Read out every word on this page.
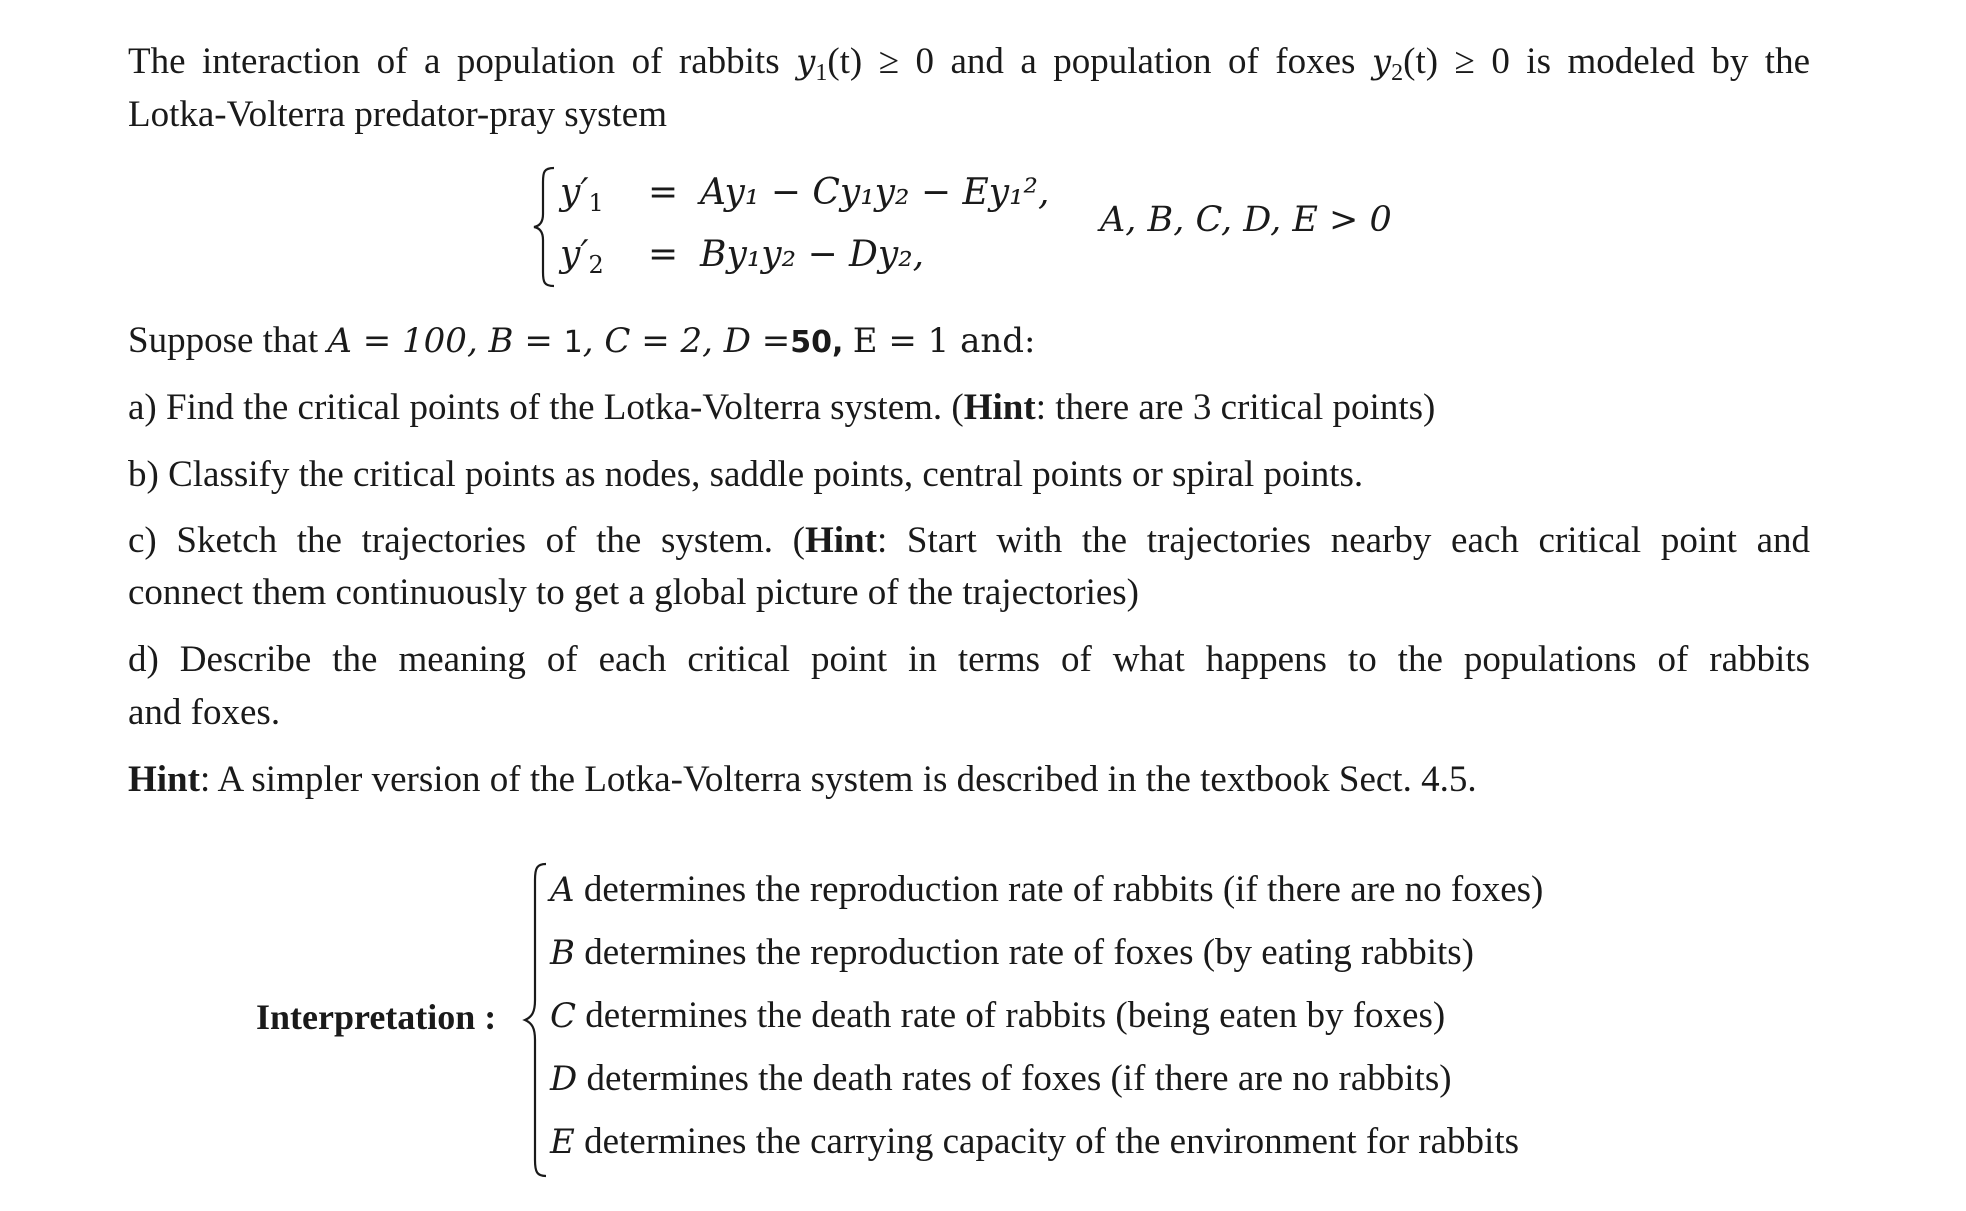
The interaction of a population of rabbits $y_1(t) \ge 0$ and a population of foxes $y_2(t) \ge 0$ is modeled by the
Lotka-Volterra predator-pray system
$y'_1 = Ay_1 - Cy_1y_2 - Ey_1^2$,
$y'_2 = By_1y_2 - Dy_2$,
A, B, C, D, E > 0
Suppose that A = 100, B = 1, C = 2, D =50, E = 1 and:
a) Find the critical points of the Lotka-Volterra system. (Hint: there are 3 critical points)
b) Classify the critical points as nodes, saddle points, central points or spiral points.
c) Sketch the trajectories of the system. (Hint: Start with the trajectories nearby each critical point and
connect them continuously to get a global picture of the trajectories)
d) Describe the meaning of each critical point in terms of what happens to the populations of rabbits
and foxes.
Hint: A simpler version of the Lotka-Volterra system is described in the textbook Sect. 4.5.
Interpretation :
A determines the reproduction rate of rabbits (if there are no foxes)
B determines the reproduction rate of foxes (by eating rabbits)
C determines the death rate of rabbits (being eaten by foxes)
D determines the death rates of foxes (if there are no rabbits)
E determines the carrying capacity of the environment for rabbits
